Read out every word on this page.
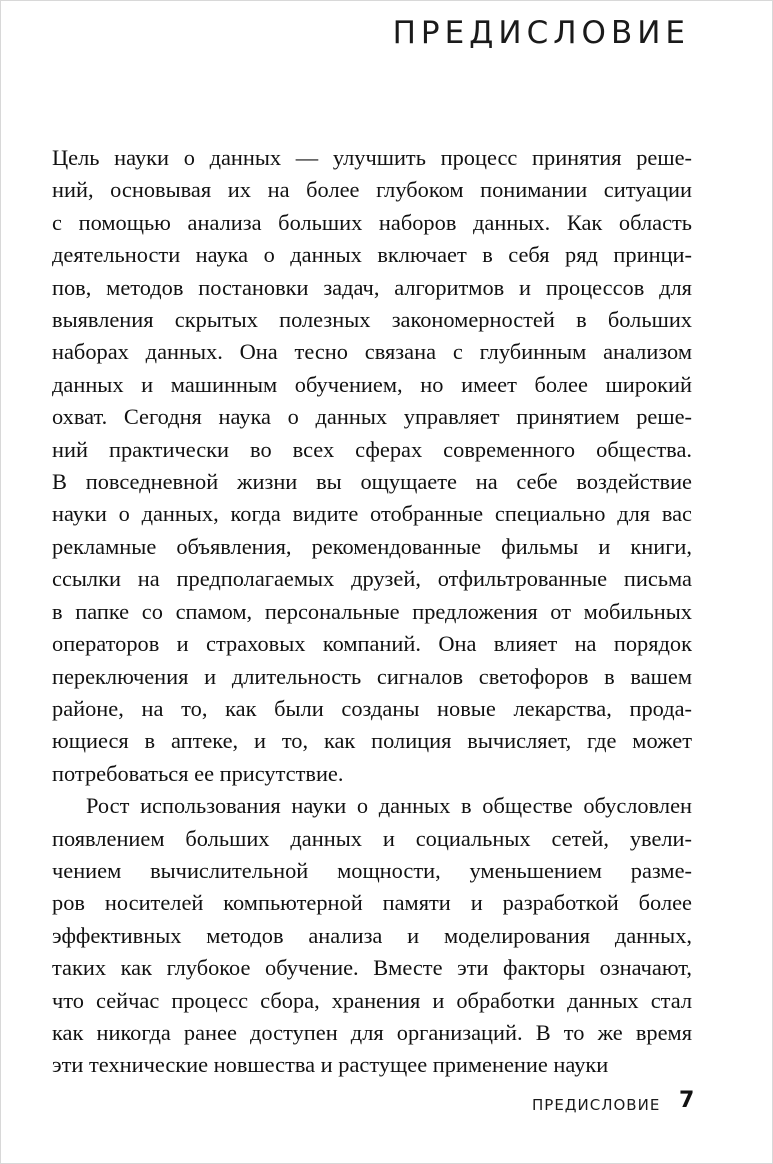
ПРЕДИСЛОВИЕ

Цель науки о данных — улучшить процесс принятия реше-
ний, основывая их на более глубоком понимании ситуации
с помощью анализа больших наборов данных. Как область
деятельности наука о данных включает в себя ряд принци-
пов, методов постановки задач, алгоритмов и процессов для
выявления скрытых полезных закономерностей в больших
наборах данных. Она тесно связана с глубинным анализом
данных и машинным обучением, но имеет более широкий
охват. Сегодня наука о данных управляет принятием реше-
ний практически во всех сферах современного общества.
В повседневной жизни вы ощущаете на себе воздействие
науки о данных, когда видите отобранные специально для вас
рекламные объявления, рекомендованные фильмы и книги,
ссылки на предполагаемых друзей, отфильтрованные письма
в папке со спамом, персональные предложения от мобильных
операторов и страховых компаний. Она влияет на порядок
переключения и длительность сигналов светофоров в вашем
районе, на то, как были созданы новые лекарства, прода-
ющиеся в аптеке, и то, как полиция вычисляет, где может
потребоваться ее присутствие.

Рост использования науки о данных в обществе обусловлен
появлением больших данных и социальных сетей, увели-
чением вычислительной мощности, уменьшением разме-
ров носителей компьютерной памяти и разработкой более
эффективных методов анализа и моделирования данных,
таких как глубокое обучение. Вместе эти факторы означают,
что сейчас процесс сбора, хранения и обработки данных стал
как никогда ранее доступен для организаций. В то же время
эти технические новшества и растущее применение науки

ПРЕДИСЛОВИЕ 7
